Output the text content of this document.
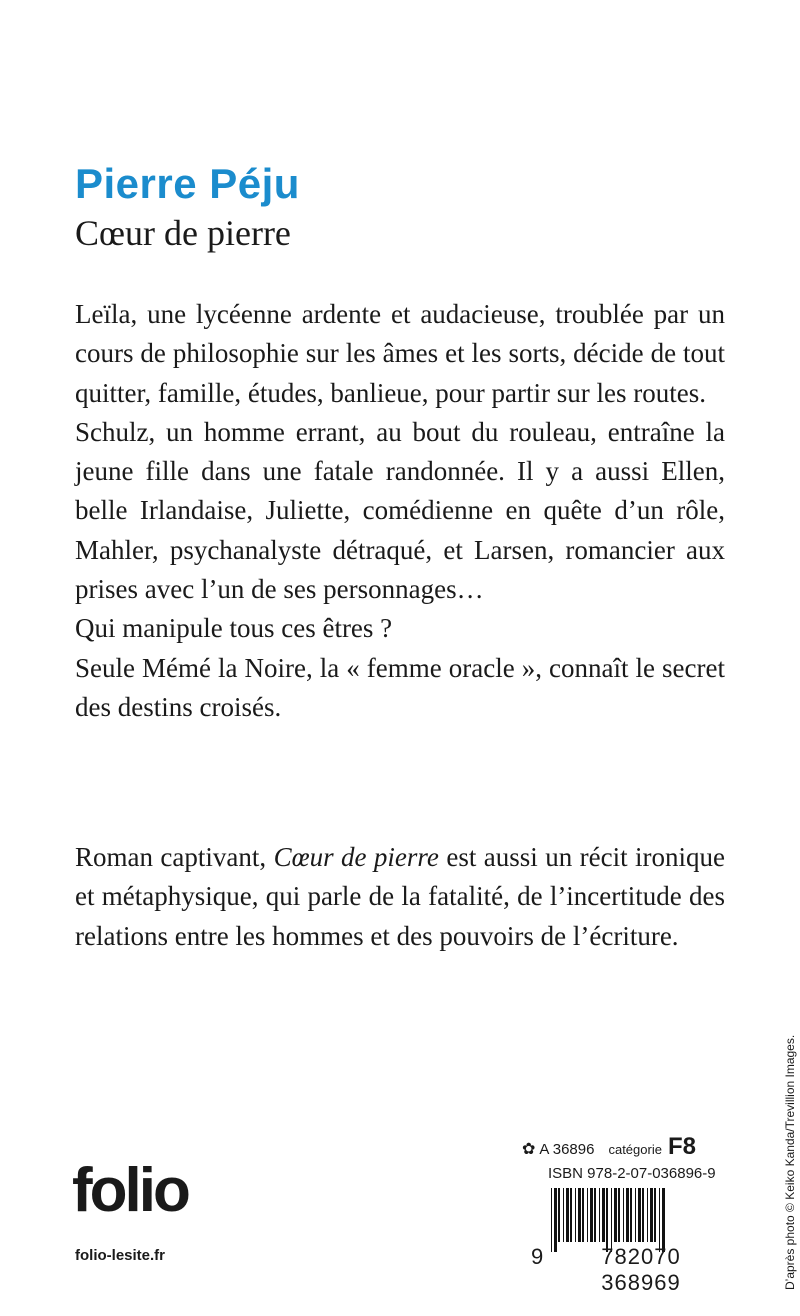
Pierre Péju
Cœur de pierre

Leïla, une lycéenne ardente et audacieuse, troublée par un cours de philosophie sur les âmes et les sorts, décide de tout quitter, famille, études, banlieue, pour partir sur les routes.

Schulz, un homme errant, au bout du rouleau, entraîne la jeune fille dans une fatale randonnée. Il y a aussi Ellen, belle Irlandaise, Juliette, comédienne en quête d’un rôle, Mahler, psychanalyste détraqué, et Larsen, romancier aux prises avec l’un de ses personnages…

Qui manipule tous ces êtres ?

Seule Mémé la Noire, la « femme oracle », connaît le secret des destins croisés.

Roman captivant, Cœur de pierre est aussi un récit ironique et métaphysique, qui parle de la fatalité, de l’incertitude des relations entre les hommes et des pouvoirs de l’écriture.
D’après photo © Keiko Kanda/Trevillion Images.
folio
folio-lesite.fr
✿ A 36896 catégorie F8
ISBN 978-2-07-036896-9
9	782070 368969
